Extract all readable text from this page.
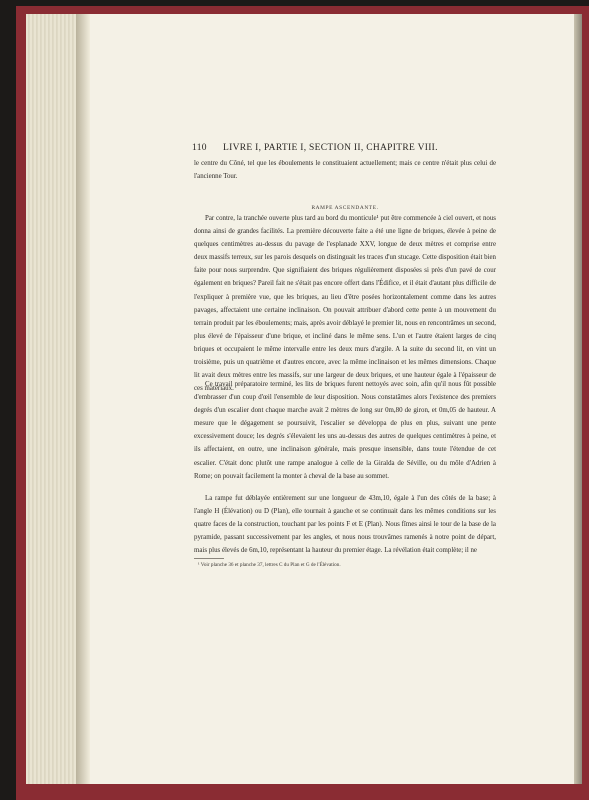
110 LIVRE I, PARTIE I, SECTION II, CHAPITRE VIII.
le centre du Côné, tel que les éboulements le constituaient actuellement; mais ce centre n'était plus celui de l'ancienne Tour.
RAMPE ASCENDANTE.
Par contre, la tranchée ouverte plus tard au bord du monticule¹ put être commencée à ciel ouvert, et nous donna ainsi de grandes facilités. La première découverte faite a été une ligne de briques, élevée à peine de quelques centimètres au-dessus du pavage de l'esplanade XXV, longue de deux mètres et comprise entre deux massifs terreux, sur les parois desquels on distinguait les traces d'un stucage. Cette disposition était bien faite pour nous surprendre. Que signifiaient des briques régulièrement disposées si près d'un pavé de cour également en briques? Pareil fait ne s'était pas encore offert dans l'Édifice, et il était d'autant plus difficile de l'expliquer à première vue, que les briques, au lieu d'être posées horizontalement comme dans les autres pavages, affectaient une certaine inclinaison. On pouvait attribuer d'abord cette pente à un mouvement du terrain produit par les éboulements; mais, après avoir déblayé le premier lit, nous en rencontrâmes un second, plus élevé de l'épaisseur d'une brique, et incliné dans le même sens. L'un et l'autre étaient larges de cinq briques et occupaient le même intervalle entre les deux murs d'argile. A la suite du second lit, en vint un troisième, puis un quatrième et d'autres encore, avec la même inclinaison et les mêmes dimensions. Chaque lit avait deux mètres entre les massifs, sur une largeur de deux briques, et une hauteur égale à l'épaisseur de ces matériaux.
Ce travail préparatoire terminé, les lits de briques furent nettoyés avec soin, afin qu'il nous fût possible d'embrasser d'un coup d'œil l'ensemble de leur disposition. Nous constatâmes alors l'existence des premiers degrés d'un escalier dont chaque marche avait 2 mètres de long sur 0m,80 de giron, et 0m,05 de hauteur. A mesure que le dégagement se poursuivit, l'escalier se développa de plus en plus, suivant une pente excessivement douce; les degrés s'élevaient les uns au-dessus des autres de quelques centimètres à peine, et ils affectaient, en outre, une inclinaison générale, mais presque insensible, dans toute l'étendue de cet escalier. C'était donc plutôt une rampe analogue à celle de la Giralda de Séville, ou du môle d'Adrien à Rome; on pouvait facilement la monter à cheval de la base au sommet.
La rampe fut déblayée entièrement sur une longueur de 43m,10, égale à l'un des côtés de la base; à l'angle H (Élévation) ou D (Plan), elle tournait à gauche et se continuait dans les mêmes conditions sur les quatre faces de la construction, touchant par les points F et E (Plan). Nous fîmes ainsi le tour de la base de la pyramide, passant successivement par les angles, et nous nous trouvâmes ramenés à notre point de départ, mais plus élevés de 6m,10, représentant la hauteur du premier étage. La révélation était complète; il ne
¹ Voir planche 36 et planche 37, lettres C du Plan et G de l'Élévation.
